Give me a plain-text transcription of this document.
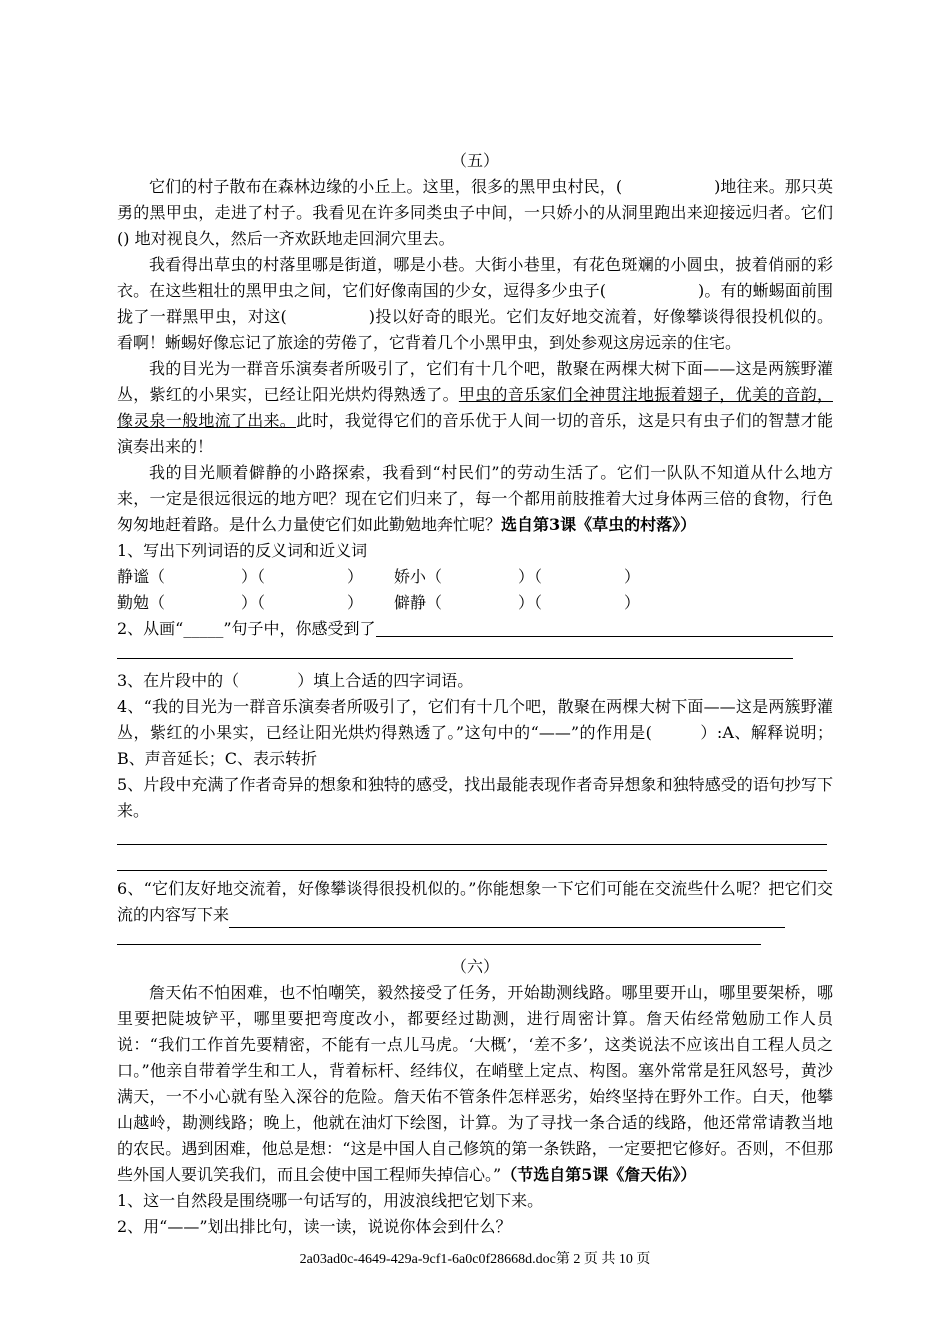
（五）

它们的村子散布在森林边缘的小丘上。这里，很多的黑甲虫村民，(	)地往来。那只英勇的黑甲虫，走进了村子。我看见在许多同类虫子中间，一只娇小的从洞里跑出来迎接远归者。它们() 地对视良久，然后一齐欢跃地走回洞穴里去。

我看得出草虫的村落里哪是街道，哪是小巷。大街小巷里，有花色斑斓的小圆虫，披着俏丽的彩衣。在这些粗壮的黑甲虫之间，它们好像南国的少女，逗得多少虫子(	)。有的蜥蜴面前围拢了一群黑甲虫，对这(	)投以好奇的眼光。它们友好地交流着，好像攀谈得很投机似的。看啊！蜥蜴好像忘记了旅途的劳倦了，它背着几个小黑甲虫，到处参观这房远亲的住宅。

我的目光为一群音乐演奏者所吸引了，它们有十几个吧，散聚在两棵大树下面——这是两簇野灌丛，紫红的小果实，已经让阳光烘灼得熟透了。甲虫的音乐家们全神贯注地振着翅子，优美的音韵，像灵泉一般地流了出来。此时，我觉得它们的音乐优于人间一切的音乐，这是只有虫子们的智慧才能演奏出来的！

我的目光顺着僻静的小路探索，我看到“村民们”的劳动生活了。它们一队队不知道从什么地方来，一定是很远很远的地方吧？现在它们归来了，每一个都用前肢推着大过身体两三倍的食物，行色匆匆地赶着路。是什么力量使它们如此勤勉地奔忙呢？选自第3课《草虫的村落》）

1、写出下列词语的反义词和近义词

静谧（	）（	）	娇小（	）（	）
勤勉（	）（	）	僻静（	）（	）

2、从画“_____”句子中，你感受到了

3、在片段中的（	）填上合适的四字词语。

4、“我的目光为一群音乐演奏者所吸引了，它们有十几个吧，散聚在两棵大树下面——这是两簇野灌丛，紫红的小果实，已经让阳光烘灼得熟透了。”这句中的“——”的作用是(	）:A、解释说明；B、声音延长；C、表示转折

5、片段中充满了作者奇异的想象和独特的感受，找出最能表现作者奇异想象和独特感受的语句抄写下来。

6、“它们友好地交流着，好像攀谈得很投机似的。”你能想象一下它们可能在交流些什么呢？把它们交流的内容写下来

（六）

詹天佑不怕困难，也不怕嘲笑，毅然接受了任务，开始勘测线路。哪里要开山，哪里要架桥，哪里要把陡坡铲平，哪里要把弯度改小，都要经过勘测，进行周密计算。詹天佑经常勉励工作人员说：“我们工作首先要精密，不能有一点儿马虎。‘大概’，‘差不多’，这类说法不应该出自工程人员之口。”他亲自带着学生和工人，背着标杆、经纬仪，在峭壁上定点、构图。塞外常常是狂风怒号，黄沙满天，一不小心就有坠入深谷的危险。詹天佑不管条件怎样恶劣，始终坚持在野外工作。白天，他攀山越岭，勘测线路；晚上，他就在油灯下绘图，计算。为了寻找一条合适的线路，他还常常请教当地的农民。遇到困难，他总是想：“这是中国人自己修筑的第一条铁路，一定要把它修好。否则，不但那些外国人要讥笑我们，而且会使中国工程师失掉信心。”（节选自第5课《詹天佑》）

1、这一自然段是围绕哪一句话写的，用波浪线把它划下来。

2、用“——”划出排比句，读一读，说说你体会到什么？

2a03ad0c-4649-429a-9cf1-6a0c0f28668d.doc第 2 页 共 10 页
